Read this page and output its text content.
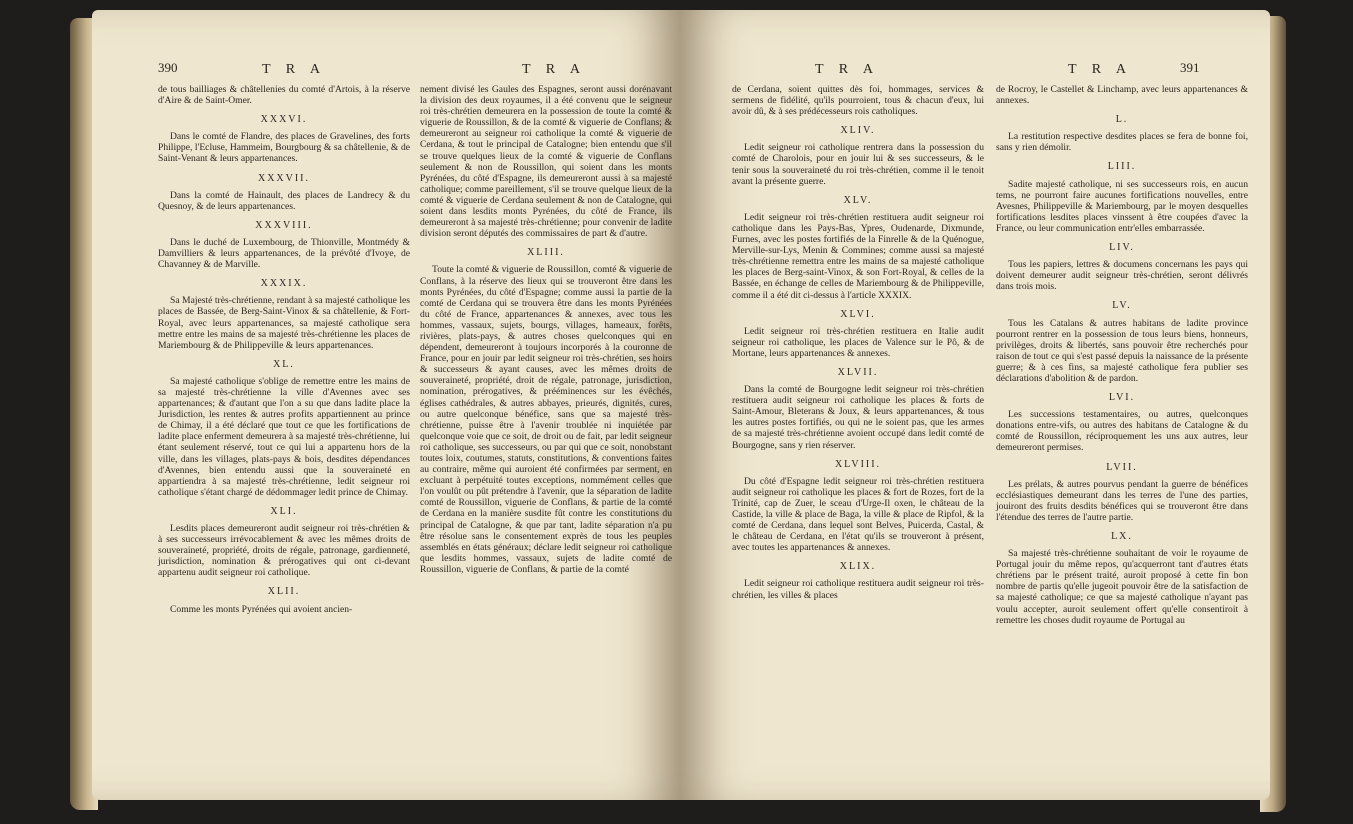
390	T R A	T R A

de tous bailliages & châtellenies du comté d'Artois, à la réserve d'Aire & de Saint-Omer.

XXXVI.

Dans le comté de Flandre, des places de Gravelines, des forts Philippe, l'Ecluse, Hammeim, Bourgbourg & sa châtellenie, & de Saint-Venant & leurs appartenances.

XXXVII.

Dans la comté de Hainault, des places de Landrecy & du Quesnoy, & de leurs appartenances.

XXXVIII.

Dans le duché de Luxembourg, de Thionville, Montmédy & Damvilliers & leurs appartenances, de la prévôté d'Ivoye, de Chavanney & de Marville.

XXXIX.

Sa Majesté très-chrétienne, rendant à sa majesté catholique les places de Bassée, de Berg-Saint-Vinox & sa châtellenie, & Fort-Royal, avec leurs appartenances, sa majesté catholique sera mettre entre les mains de sa majesté très-chrétienne les places de Mariembourg & de Philippeville & leurs appartenances.

XL.

Sa majesté catholique s'oblige de remettre entre les mains de sa majesté très-chrétienne la ville d'Avennes avec ses appartenances; & d'autant que l'on a su que dans ladite place la Jurisdiction, les rentes & autres profits appartiennent au prince de Chimay, il a été déclaré que tout ce que les fortifications de ladite place enferment demeurera à sa majesté très-chrétienne, lui étant seulement réservé, tout ce qui lui a appartenu hors de la ville, dans les villages, plats-pays & bois, desdites dépendances d'Avennes, bien entendu aussi que la souveraineté en appartiendra à sa majesté très-chrétienne, ledit seigneur roi catholique s'étant chargé de dédommager ledit prince de Chimay.

XLI.

Lesdits places demeureront audit seigneur roi très-chrétien & à ses successeurs irrévocablement & avec les mêmes droits de souveraineté, propriété, droits de régale, patronage, gardienneté, jurisdiction, nomination & prérogatives qui ont ci-devant appartenu audit seigneur roi catholique.

XLII.

Comme les monts Pyrénées qui avoient ancien-

nement divisé les Gaules des Espagnes, seront aussi dorénavant la division des deux royaumes, il a été convenu que le seigneur roi très-chrétien demeurera en la possession de toute la comté & viguerie de Roussillon, & de la comté & viguerie de Conflans; & demeureront au seigneur roi catholique la comté & viguerie de Cerdana, & tout le principal de Catalogne; bien entendu que s'il se trouve quelques lieux de la comté & viguerie de Conflans seulement & non de Roussillon, qui soient dans les monts Pyrénées, du côté d'Espagne, ils demeureront aussi à sa majesté catholique; comme pareillement, s'il se trouve quelque lieux de la comté & viguerie de Cerdana seulement & non de Catalogne, qui soient dans lesdits monts Pyrénées, du côté de France, ils demeureront à sa majesté très-chrétienne; pour convenir de ladite division seront députés des commissaires de part & d'autre.

XLIII.

Toute la comté & viguerie de Roussillon, comté & viguerie de Conflans, à la réserve des lieux qui se trouveront être dans les monts Pyrénées, du côté d'Espagne; comme aussi la partie de la comté de Cerdana qui se trouvera être dans les monts Pyrénées du côté de France, appartenances & annexes, avec tous les hommes, vassaux, sujets, bourgs, villages, hameaux, forêts, rivières, plats-pays, & autres choses quelconques qui en dépendent, demeureront à toujours incorporés à la couronne de France, pour en jouir par ledit seigneur roi très-chrétien, ses hoirs & successeurs & ayant causes, avec les mêmes droits de souveraineté, propriété, droit de régale, patronage, jurisdiction, nomination, prérogatives, & prééminences sur les évêchés, églises cathédrales, & autres abbayes, prieurés, dignités, cures, ou autre quelconque bénéfice, sans que sa majesté très-chrétienne, puisse être à l'avenir troublée ni inquiétée par quelconque voie que ce soit, de droit ou de fait, par ledit seigneur roi catholique, ses successeurs, ou par qui que ce soit, nonobstant toutes loix, coutumes, statuts, constitutions, & conventions faites au contraire, même qui auroient été confirmées par serment, en excluant à perpétuité toutes exceptions, nommément celles que l'on voulût ou pût prétendre à l'avenir, que la séparation de ladite comté de Roussillon, viguerie de Conflans, & partie de la comté de Cerdana en la manière susdite fût contre les constitutions du principal de Catalogne, & que par tant, ladite séparation n'a pu être résolue sans le consentement exprès de tous les peuples assemblés en états généraux; déclare ledit seigneur roi catholique que lesdits hommes, vassaux, sujets de ladite comté de Roussillon, viguerie de Conflans, & partie de la comté

T R A	T R A	391

de Cerdana, soient quittes dès foi, hommages, services & sermens de fidélité, qu'ils pourroient, tous & chacun d'eux, lui avoir dû, & à ses prédécesseurs rois catholiques.

XLIV.

Ledit seigneur roi catholique rentrera dans la possession du comté de Charolois, pour en jouir lui & ses successeurs, & le tenir sous la souveraineté du roi très-chrétien, comme il le tenoit avant la présente guerre.

XLV.

Ledit seigneur roi très-chrétien restituera audit seigneur roi catholique dans les Pays-Bas, Ypres, Oudenarde, Dixmunde, Furnes, avec les postes fortifiés de la Finrelle & de la Quénogue, Merville-sur-Lys, Menin & Commines; comme aussi sa majesté très-chrétienne remettra entre les mains de sa majesté catholique les places de Berg-saint-Vinox, & son Fort-Royal, & celles de la Bassée, en échange de celles de Mariembourg & de Philippeville, comme il a été dit ci-dessus à l'article XXXIX.

XLVI.

Ledit seigneur roi très-chrétien restituera en Italie audit seigneur roi catholique, les places de Valence sur le Pô, & de Mortane, leurs appartenances & annexes.

XLVII.

Dans la comté de Bourgogne ledit seigneur roi très-chrétien restituera audit seigneur roi catholique les places & forts de Saint-Amour, Bleterans & Joux, & leurs appartenances, & tous les autres postes fortifiés, ou qui ne le soient pas, que les armes de sa majesté très-chrétienne avoient occupé dans ledit comté de Bourgogne, sans y rien réserver.

XLVIII.

Du côté d'Espagne ledit seigneur roi très-chrétien restituera audit seigneur roi catholique les places & fort de Rozes, fort de la Trinité, cap de Zuer, le sceau d'Urge-Il oxen, le château de la Castide, la ville & place de Baga, la ville & place de Ripfol, & la comté de Cerdana, dans lequel sont Belves, Puicerda, Castal, & le château de Cerdana, en l'état qu'ils se trouveront à présent, avec toutes les appartenances & annexes.

XLIX.

Ledit seigneur roi catholique restituera audit seigneur roi très-chrétien, les villes & places

de Rocroy, le Castellet & Linchamp, avec leurs appartenances & annexes.

L.

La restitution respective desdites places se fera de bonne foi, sans y rien démolir.

LIII.

Sadite majesté catholique, ni ses successeurs rois, en aucun tems, ne pourront faire aucunes fortifications nouvelles, entre Avesnes, Philippeville & Mariembourg, par le moyen desquelles fortifications lesdites places vinssent à être coupées d'avec la France, ou leur communication entr'elles embarrassée.

LIV.

Tous les papiers, lettres & documens concernans les pays qui doivent demeurer audit seigneur très-chrétien, seront délivrés dans trois mois.

LV.

Tous les Catalans & autres habitans de ladite province pourront rentrer en la possession de tous leurs biens, honneurs, privilèges, droits & libertés, sans pouvoir être recherchés pour raison de tout ce qui s'est passé depuis la naissance de la présente guerre; & à ces fins, sa majesté catholique fera publier ses déclarations d'abolition & de pardon.

LVI.

Les successions testamentaires, ou autres, quelconques donations entre-vifs, ou autres des habitans de Catalogne & du comté de Roussillon, réciproquement les uns aux autres, leur demeureront permises.

LVII.

Les prélats, & autres pourvus pendant la guerre de bénéfices ecclésiastiques demeurant dans les terres de l'une des parties, jouiront des fruits desdits bénéfices qui se trouveront être dans l'étendue des terres de l'autre partie.

LX.

Sa majesté très-chrétienne souhaitant de voir le royaume de Portugal jouir du même repos, qu'acquerront tant d'autres états chrétiens par le présent traité, auroit proposé à cette fin bon nombre de partis qu'elle jugeoit pouvoir être de la satisfaction de sa majesté catholique; ce que sa majesté catholique n'ayant pas voulu accepter, auroit seulement offert qu'elle consentiroit à remettre les choses dudit royaume de Portugal au
